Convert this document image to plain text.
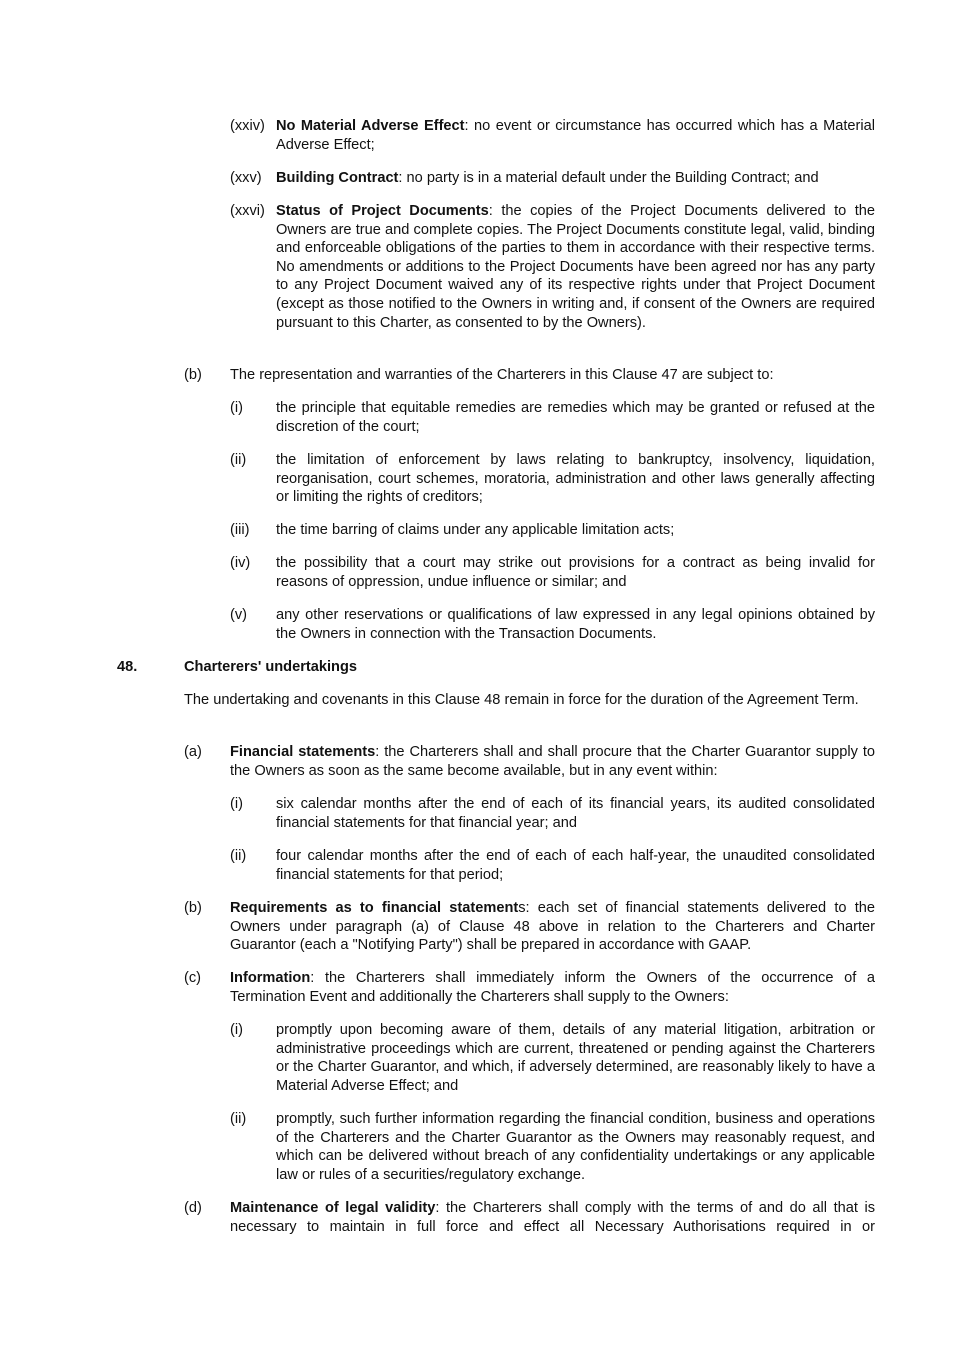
(xxiv) No Material Adverse Effect: no event or circumstance has occurred which has a Material Adverse Effect;
(xxv) Building Contract: no party is in a material default under the Building Contract; and
(xxvi) Status of Project Documents: the copies of the Project Documents delivered to the Owners are true and complete copies. The Project Documents constitute legal, valid, binding and enforceable obligations of the parties to them in accordance with their respective terms. No amendments or additions to the Project Documents have been agreed nor has any party to any Project Document waived any of its respective rights under that Project Document (except as those notified to the Owners in writing and, if consent of the Owners are required pursuant to this Charter, as consented to by the Owners).
(b) The representation and warranties of the Charterers in this Clause 47 are subject to:
(i) the principle that equitable remedies are remedies which may be granted or refused at the discretion of the court;
(ii) the limitation of enforcement by laws relating to bankruptcy, insolvency, liquidation, reorganisation, court schemes, moratoria, administration and other laws generally affecting or limiting the rights of creditors;
(iii) the time barring of claims under any applicable limitation acts;
(iv) the possibility that a court may strike out provisions for a contract as being invalid for reasons of oppression, undue influence or similar; and
(v) any other reservations or qualifications of law expressed in any legal opinions obtained by the Owners in connection with the Transaction Documents.
48.	Charterers' undertakings
The undertaking and covenants in this Clause 48 remain in force for the duration of the Agreement Term.
(a) Financial statements: the Charterers shall and shall procure that the Charter Guarantor supply to the Owners as soon as the same become available, but in any event within:
(i) six calendar months after the end of each of its financial years, its audited consolidated financial statements for that financial year; and
(ii) four calendar months after the end of each of each half-year, the unaudited consolidated financial statements for that period;
(b) Requirements as to financial statements: each set of financial statements delivered to the Owners under paragraph (a) of Clause 48 above in relation to the Charterers and Charter Guarantor (each a "Notifying Party") shall be prepared in accordance with GAAP.
(c) Information: the Charterers shall immediately inform the Owners of the occurrence of a Termination Event and additionally the Charterers shall supply to the Owners:
(i) promptly upon becoming aware of them, details of any material litigation, arbitration or administrative proceedings which are current, threatened or pending against the Charterers or the Charter Guarantor, and which, if adversely determined, are reasonably likely to have a Material Adverse Effect; and
(ii) promptly, such further information regarding the financial condition, business and operations of the Charterers and the Charter Guarantor as the Owners may reasonably request, and which can be delivered without breach of any confidentiality undertakings or any applicable law or rules of a securities/regulatory exchange.
(d) Maintenance of legal validity: the Charterers shall comply with the terms of and do all that is necessary to maintain in full force and effect all Necessary Authorisations required in or
